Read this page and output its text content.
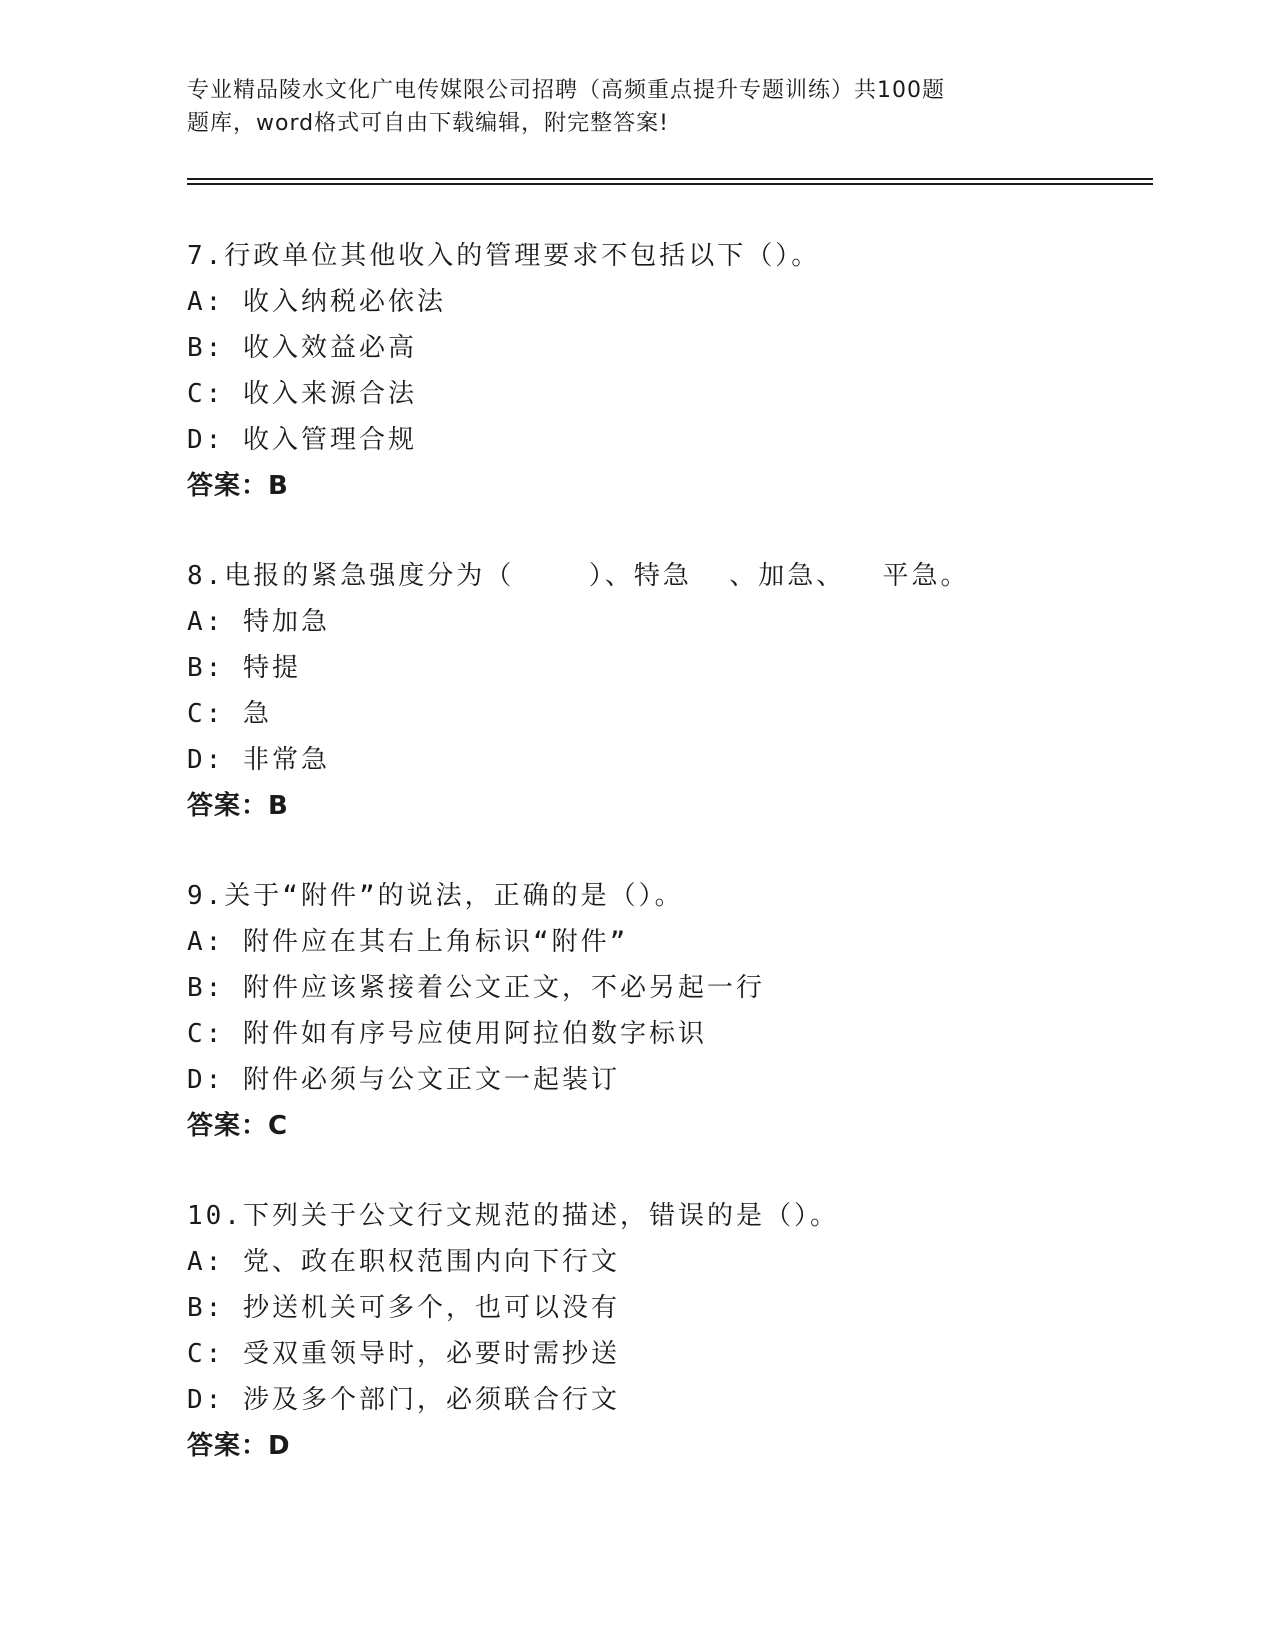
专业精品陵水文化广电传媒限公司招聘（高频重点提升专题训练）共100题
题库，word格式可自由下载编辑，附完整答案!
7.行政单位其他收入的管理要求不包括以下（）。
A: 收入纳税必依法
B: 收入效益必高
C: 收入来源合法
D: 收入管理合规
答案：B
8.电报的紧急强度分为（    ）、特急  、加急、  平急。
A: 特加急
B: 特提
C: 急
D: 非常急
答案：B
9.关于“附件”的说法，正确的是（）。
A: 附件应在其右上角标识“附件”
B: 附件应该紧接着公文正文，不必另起一行
C: 附件如有序号应使用阿拉伯数字标识
D: 附件必须与公文正文一起装订
答案：C
10.下列关于公文行文规范的描述，错误的是（）。
A: 党、政在职权范围内向下行文
B: 抄送机关可多个，也可以没有
C: 受双重领导时，必要时需抄送
D: 涉及多个部门，必须联合行文
答案：D
